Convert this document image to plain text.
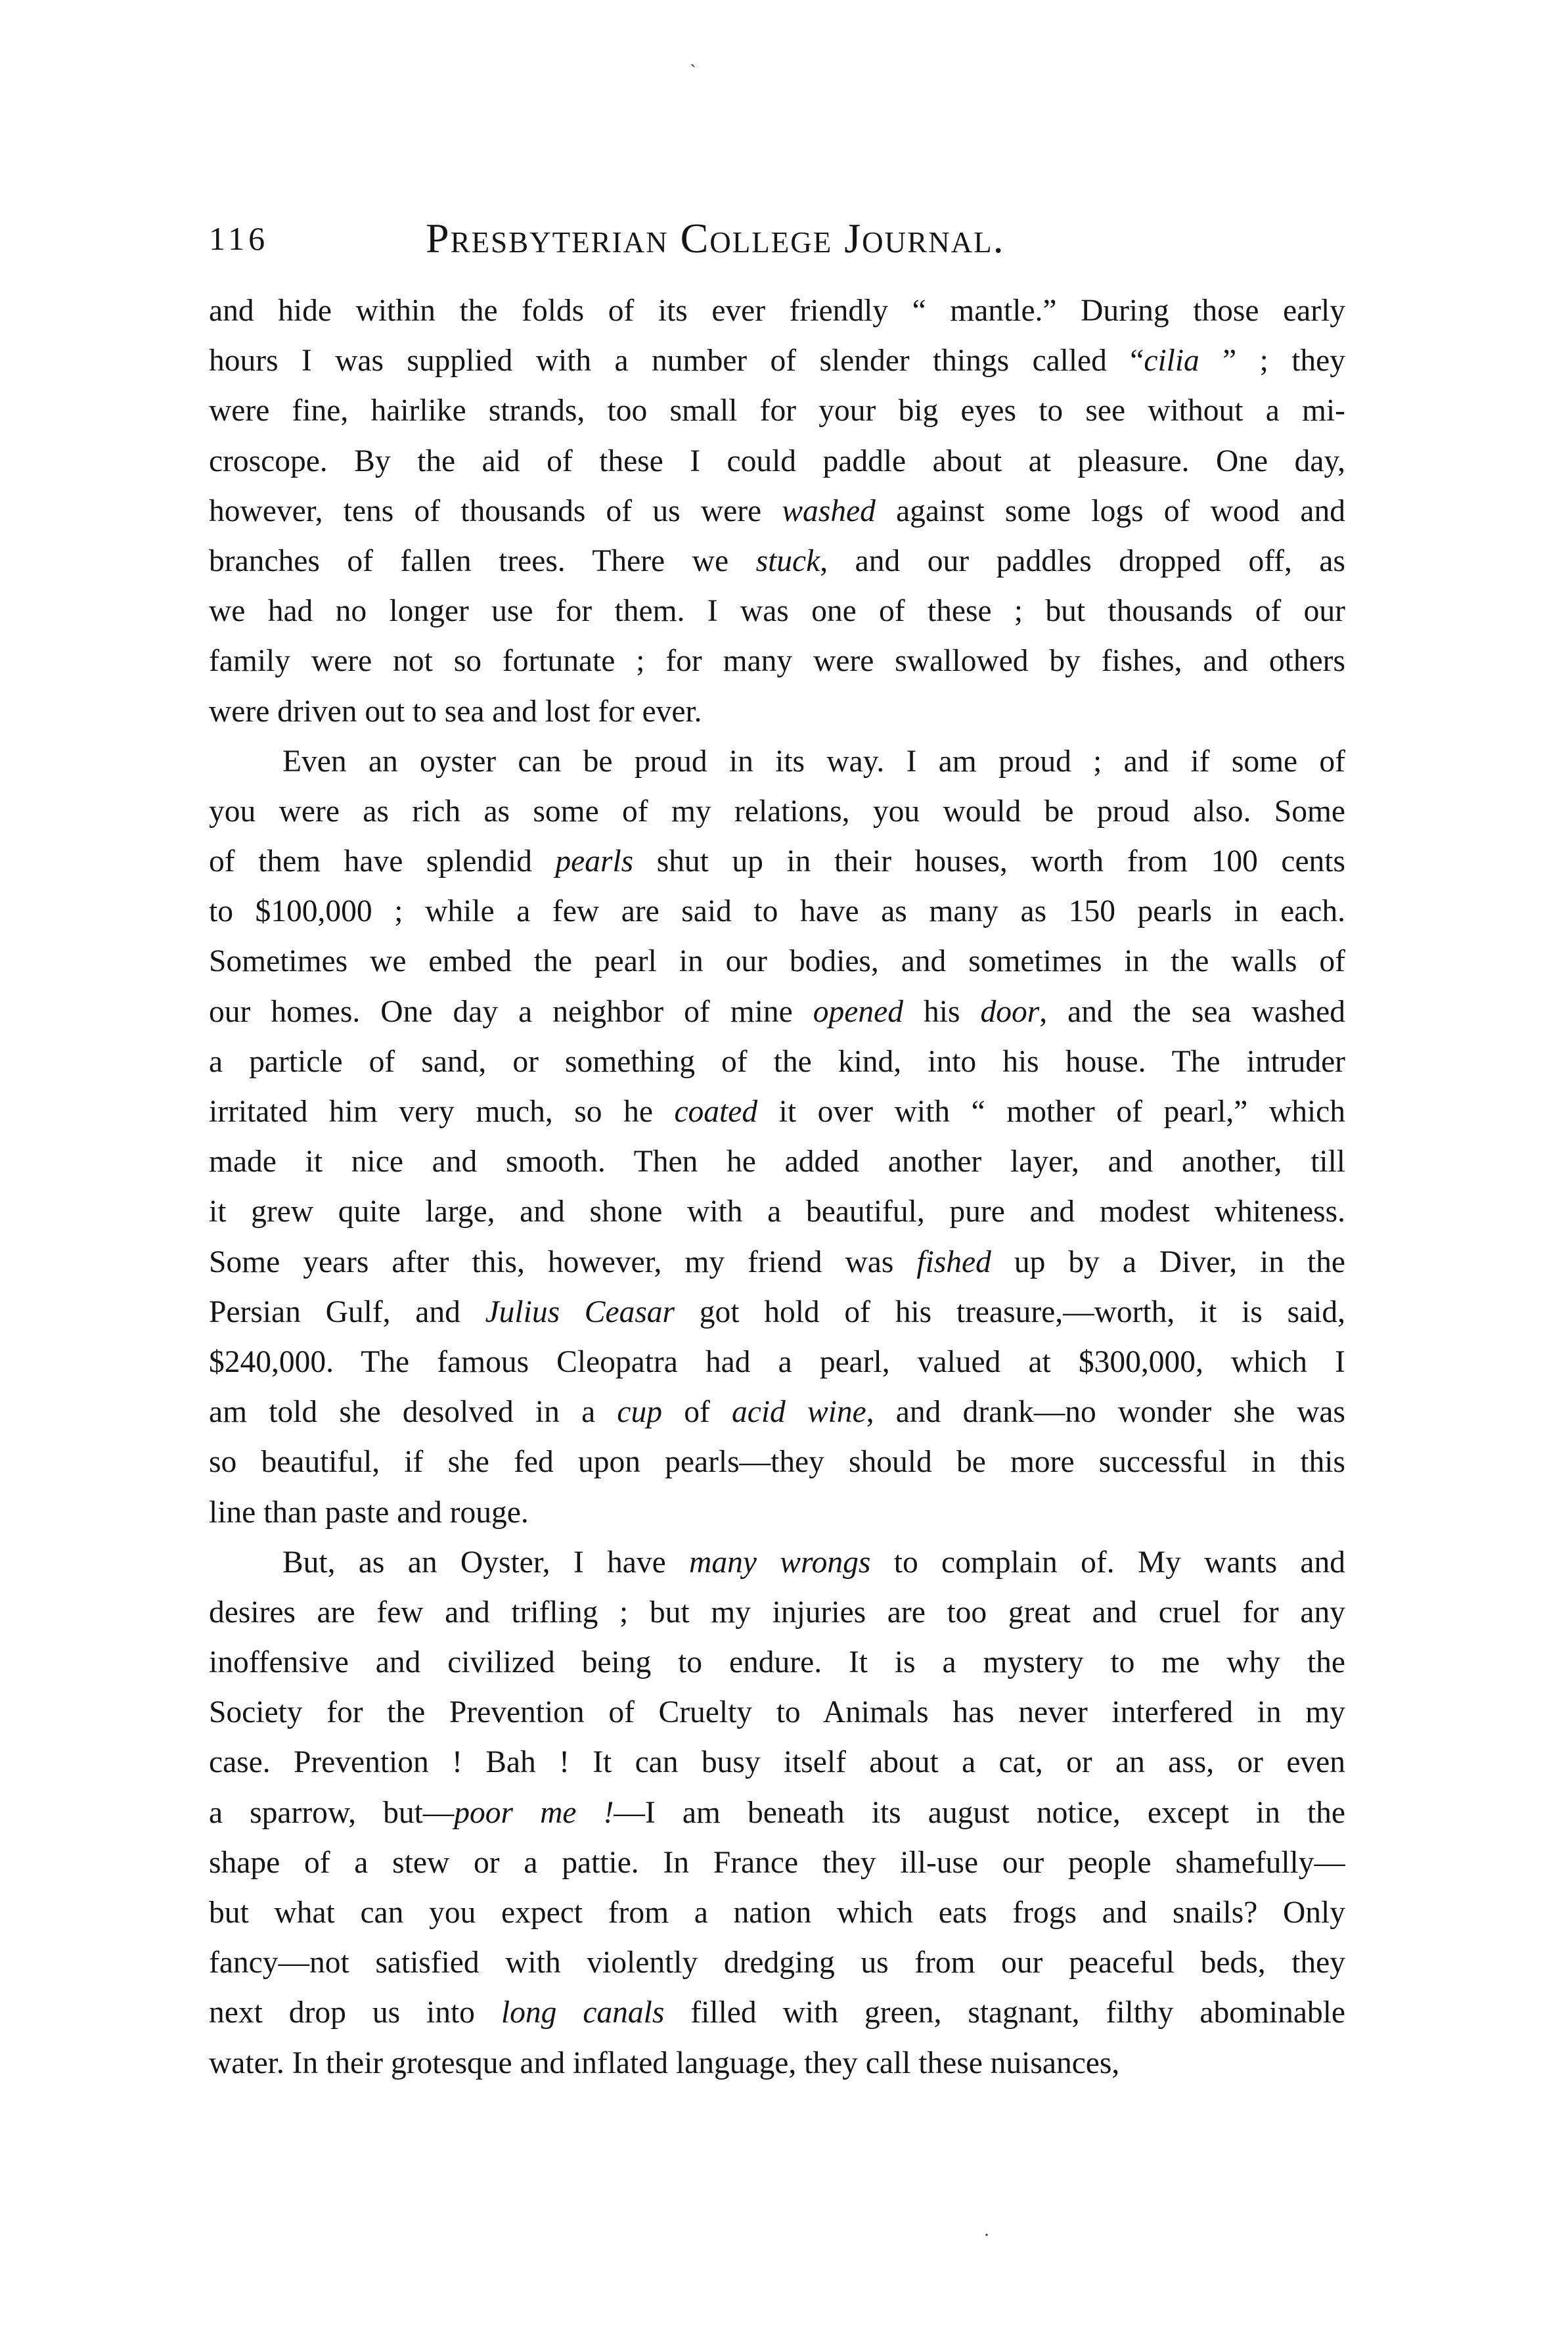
ˎ
116	Presbyterian College Journal.

and hide within the folds of its ever friendly “ mantle.” During those early
hours I was supplied with a number of slender things called “cilia ” ; they
were fine, hairlike strands, too small for your big eyes to see without a mi-
croscope. By the aid of these I could paddle about at pleasure. One day,
however, tens of thousands of us were washed against some logs of wood and
branches of fallen trees. There we stuck, and our paddles dropped off, as
we had no longer use for them. I was one of these ; but thousands of our
family were not so fortunate ; for many were swallowed by fishes, and others
were driven out to sea and lost for ever.

Even an oyster can be proud in its way. I am proud ; and if some of
you were as rich as some of my relations, you would be proud also. Some
of them have splendid pearls shut up in their houses, worth from 100 cents
to $100,000 ; while a few are said to have as many as 150 pearls in each.
Sometimes we embed the pearl in our bodies, and sometimes in the walls of
our homes. One day a neighbor of mine opened his door, and the sea washed
a particle of sand, or something of the kind, into his house. The intruder
irritated him very much, so he coated it over with “ mother of pearl,” which
made it nice and smooth. Then he added another layer, and another, till
it grew quite large, and shone with a beautiful, pure and modest whiteness.
Some years after this, however, my friend was fished up by a Diver, in the
Persian Gulf, and Julius Ceasar got hold of his treasure,—worth, it is said,
$240,000. The famous Cleopatra had a pearl, valued at $300,000, which I
am told she desolved in a cup of acid wine, and drank—no wonder she was
so beautiful, if she fed upon pearls—they should be more successful in this
line than paste and rouge.

But, as an Oyster, I have many wrongs to complain of. My wants and
desires are few and trifling ; but my injuries are too great and cruel for any
inoffensive and civilized being to endure. It is a mystery to me why the
Society for the Prevention of Cruelty to Animals has never interfered in my
case. Prevention ! Bah ! It can busy itself about a cat, or an ass, or even
a sparrow, but—poor me !—I am beneath its august notice, except in the
shape of a stew or a pattie. In France they ill-use our people shamefully—
but what can you expect from a nation which eats frogs and snails? Only
fancy—not satisfied with violently dredging us from our peaceful beds, they
next drop us into long canals filled with green, stagnant, filthy abominable
water. In their grotesque and inflated language, they call these nuisances,

·
